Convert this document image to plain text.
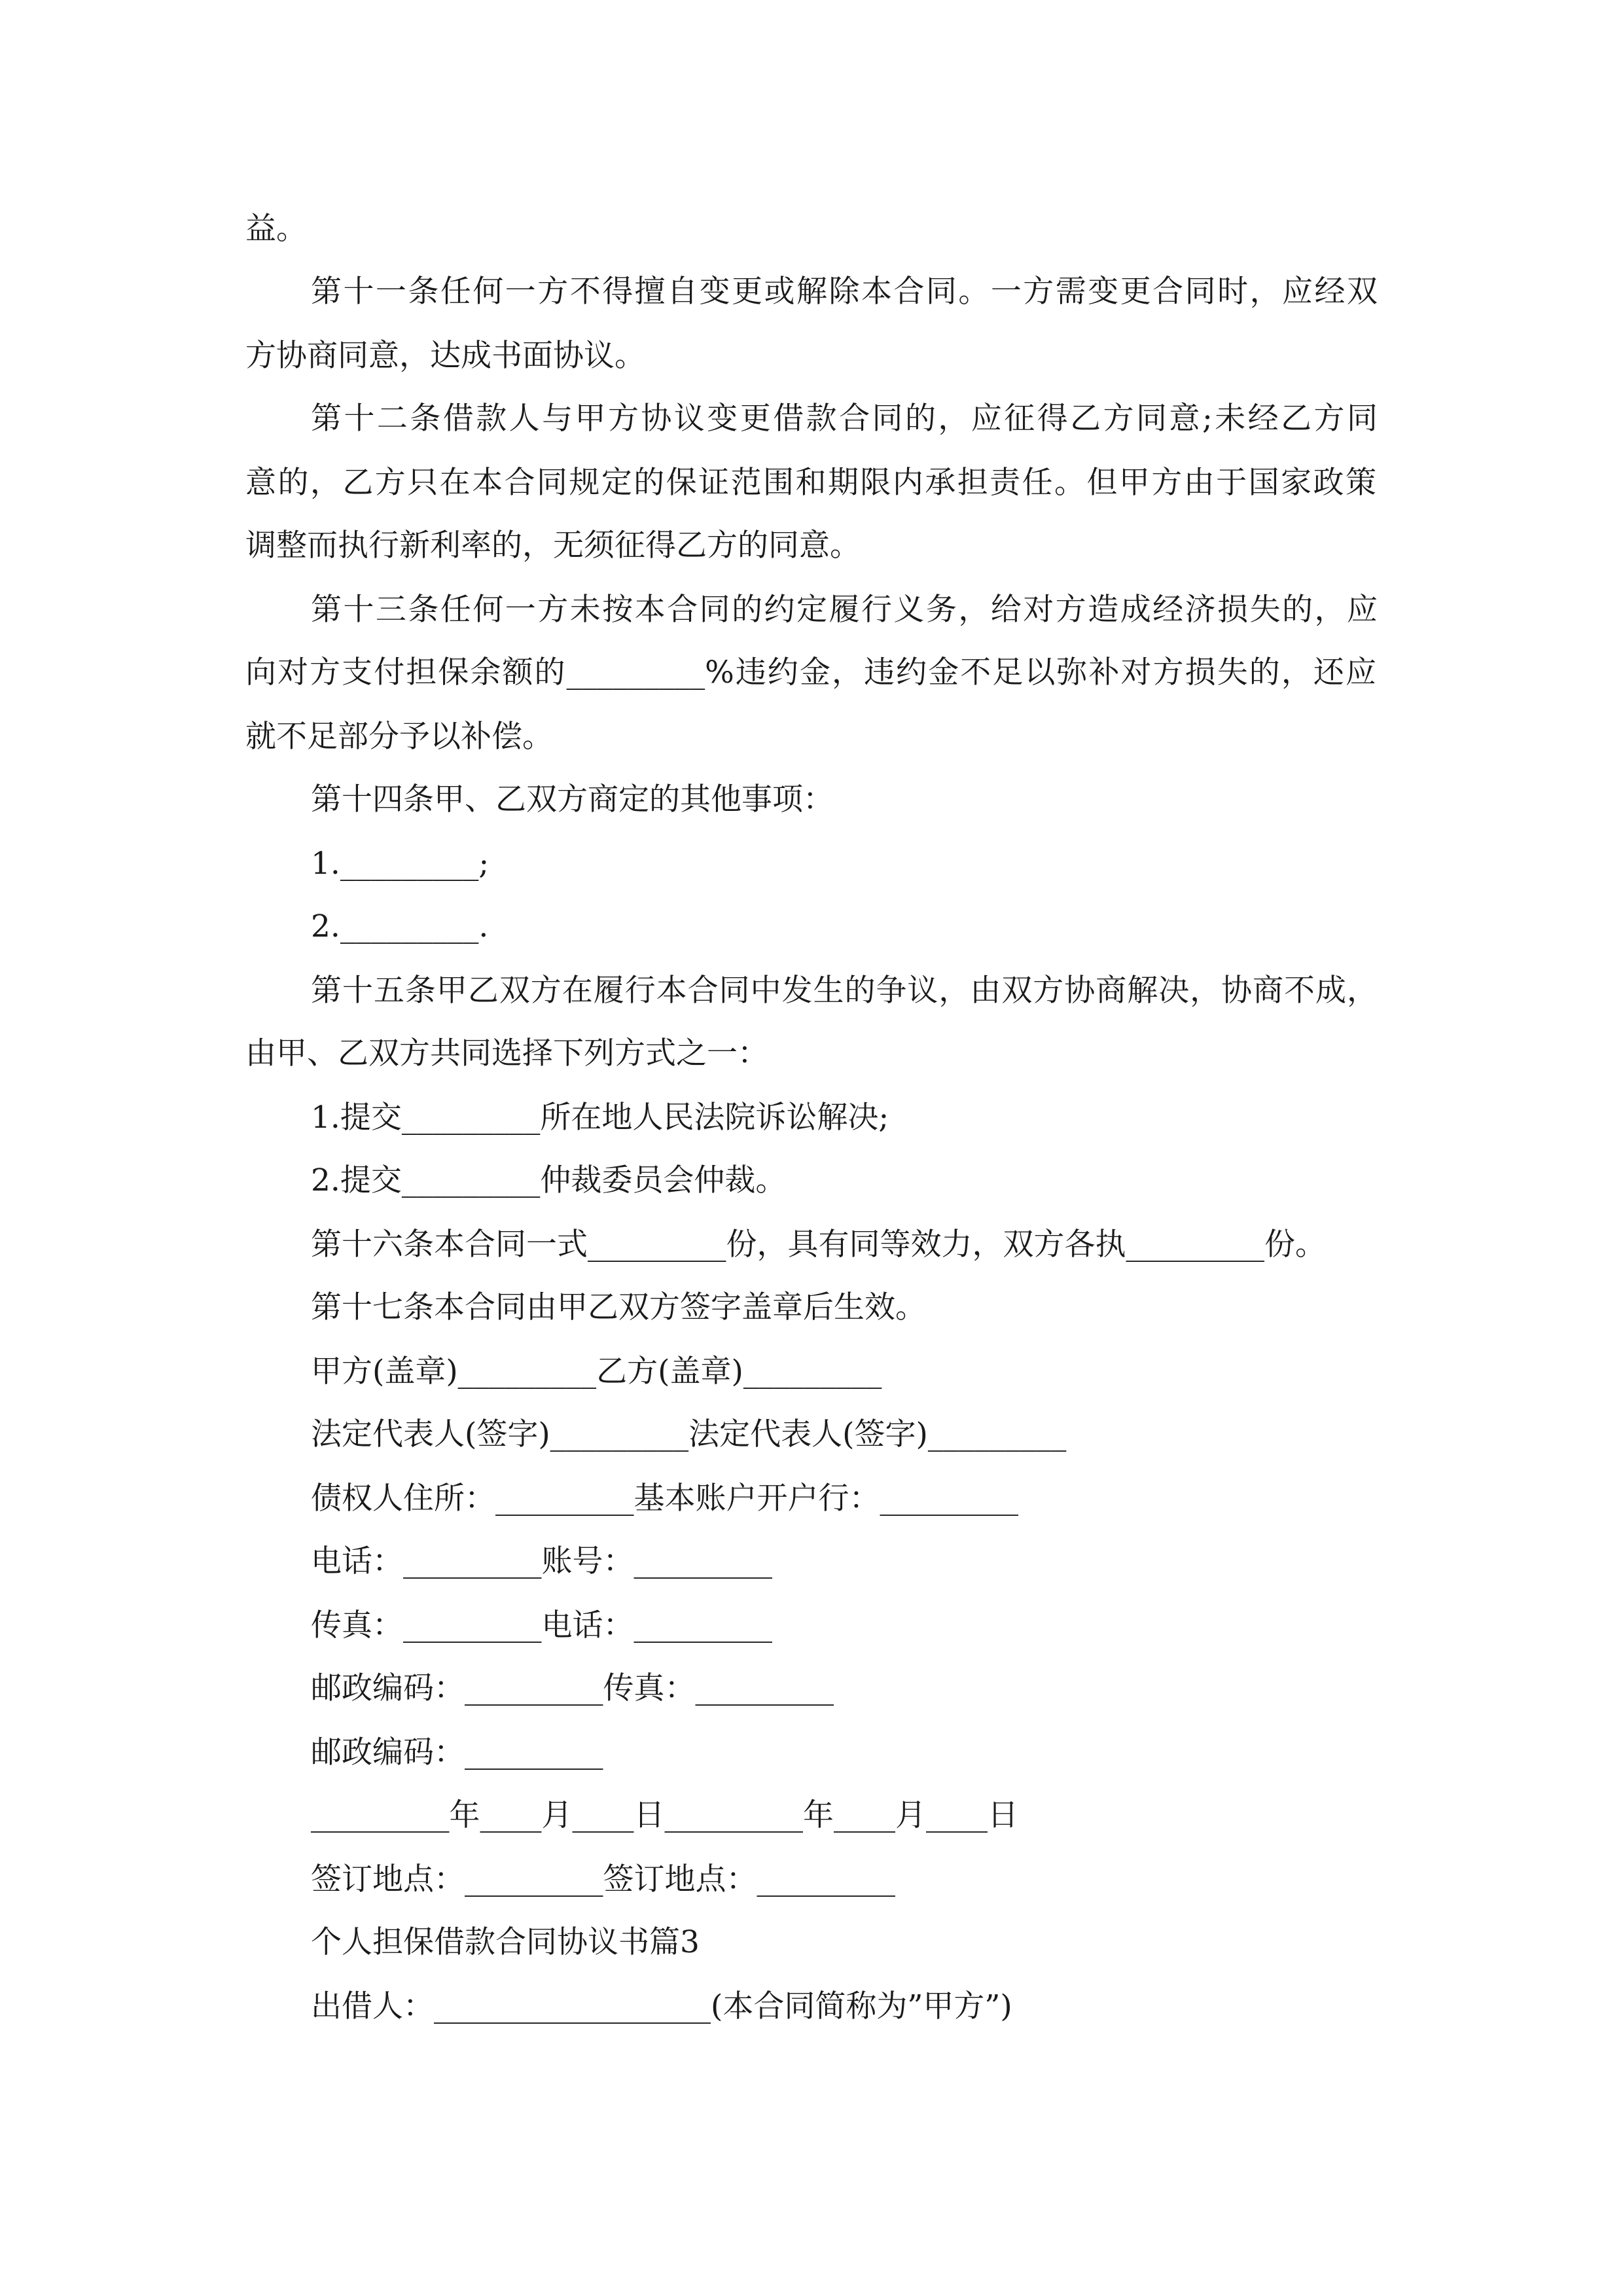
益。

第十一条任何一方不得擅自变更或解除本合同。一方需变更合同时，应经双

方协商同意，达成书面协议。

第十二条借款人与甲方协议变更借款合同的，应征得乙方同意;未经乙方同

意的，乙方只在本合同规定的保证范围和期限内承担责任。但甲方由于国家政策

调整而执行新利率的，无须征得乙方的同意。

第十三条任何一方未按本合同的约定履行义务，给对方造成经济损失的，应

向对方支付担保余额的_________%违约金，违约金不足以弥补对方损失的，还应

就不足部分予以补偿。

第十四条甲、乙双方商定的其他事项：

1._________;

2._________.

第十五条甲乙双方在履行本合同中发生的争议，由双方协商解决，协商不成，

由甲、乙双方共同选择下列方式之一：

1.提交_________所在地人民法院诉讼解决;

2.提交_________仲裁委员会仲裁。

第十六条本合同一式_________份，具有同等效力，双方各执_________份。

第十七条本合同由甲乙双方签字盖章后生效。

甲方(盖章)_________乙方(盖章)_________

法定代表人(签字)_________法定代表人(签字)_________

债权人住所：_________基本账户开户行：_________

电话：_________账号：_________

传真：_________电话：_________

邮政编码：_________传真：_________

邮政编码：_________

_________年____月____日_________年____月____日

签订地点：_________签订地点：_________

个人担保借款合同协议书篇3

出借人：__________________(本合同简称为”甲方”)
